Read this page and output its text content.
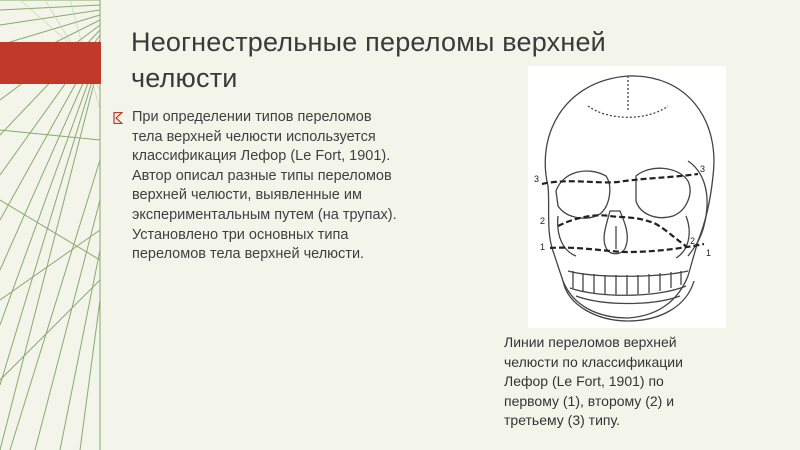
Неогнестрельные переломы верхней
челюсти
При определении типов переломов
тела верхней челюсти используется
классификация Лефор (Le Fort, 1901).
Автор описал разные типы переломов
верхней челюсти, выявленные им
экспериментальным путем (на трупах).
Установлено три основных типа
переломов тела верхней челюсти.
3
2
1
3
2
1
Линии переломов верхней
челюсти по классификации
Лефор (Le Fort, 1901) по
первому (1), второму (2) и
третьему (3) типу.
